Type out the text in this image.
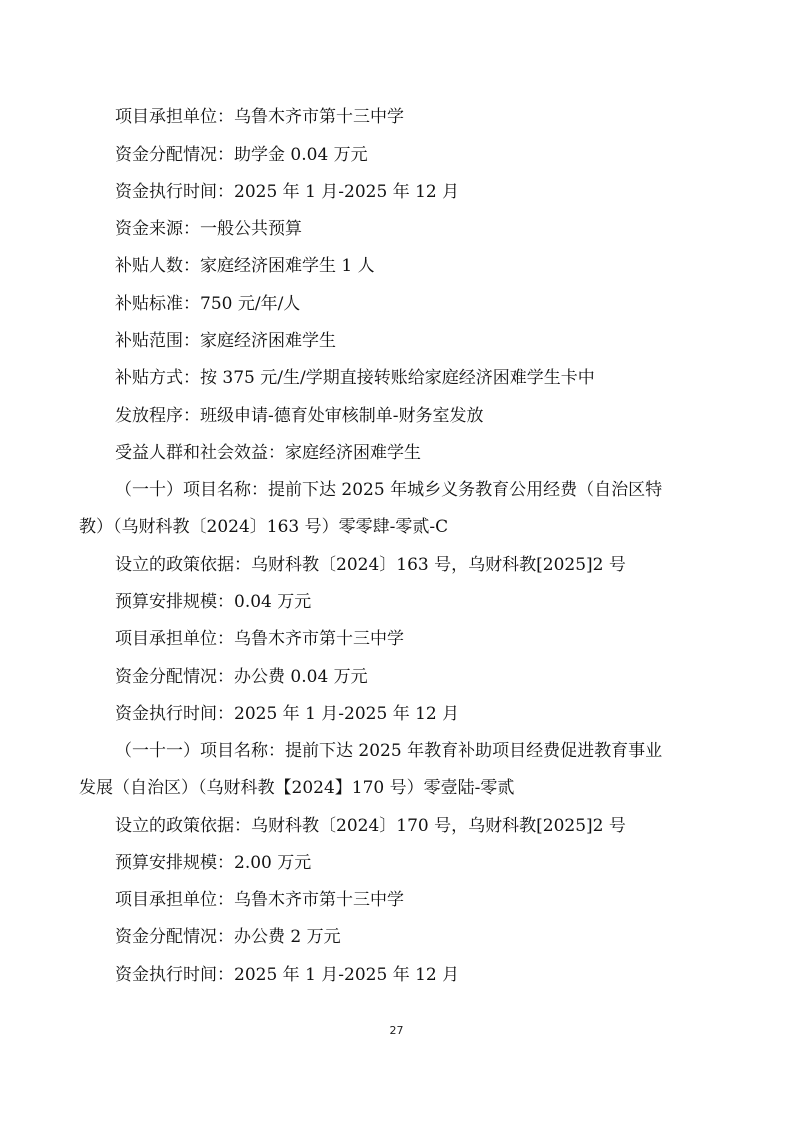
项目承担单位：乌鲁木齐市第十三中学

资金分配情况：助学金 0.04 万元

资金执行时间：2025 年 1 月-2025 年 12 月

资金来源：一般公共预算

补贴人数：家庭经济困难学生 1 人

补贴标准：750 元/年/人

补贴范围：家庭经济困难学生

补贴方式：按 375 元/生/学期直接转账给家庭经济困难学生卡中

发放程序：班级申请-德育处审核制单-财务室发放

受益人群和社会效益：家庭经济困难学生

（一十）项目名称：提前下达 2025 年城乡义务教育公用经费（自治区特

教）（乌财科教〔2024〕163 号）零零肆-零贰-C

设立的政策依据：乌财科教〔2024〕163 号，乌财科教[2025]2 号

预算安排规模：0.04 万元

项目承担单位：乌鲁木齐市第十三中学

资金分配情况：办公费 0.04 万元

资金执行时间：2025 年 1 月-2025 年 12 月

（一十一）项目名称：提前下达 2025 年教育补助项目经费促进教育事业

发展（自治区）（乌财科教【2024】170 号）零壹陆-零贰

设立的政策依据：乌财科教〔2024〕170 号，乌财科教[2025]2 号

预算安排规模：2.00 万元

项目承担单位：乌鲁木齐市第十三中学

资金分配情况：办公费 2 万元

资金执行时间：2025 年 1 月-2025 年 12 月

27
